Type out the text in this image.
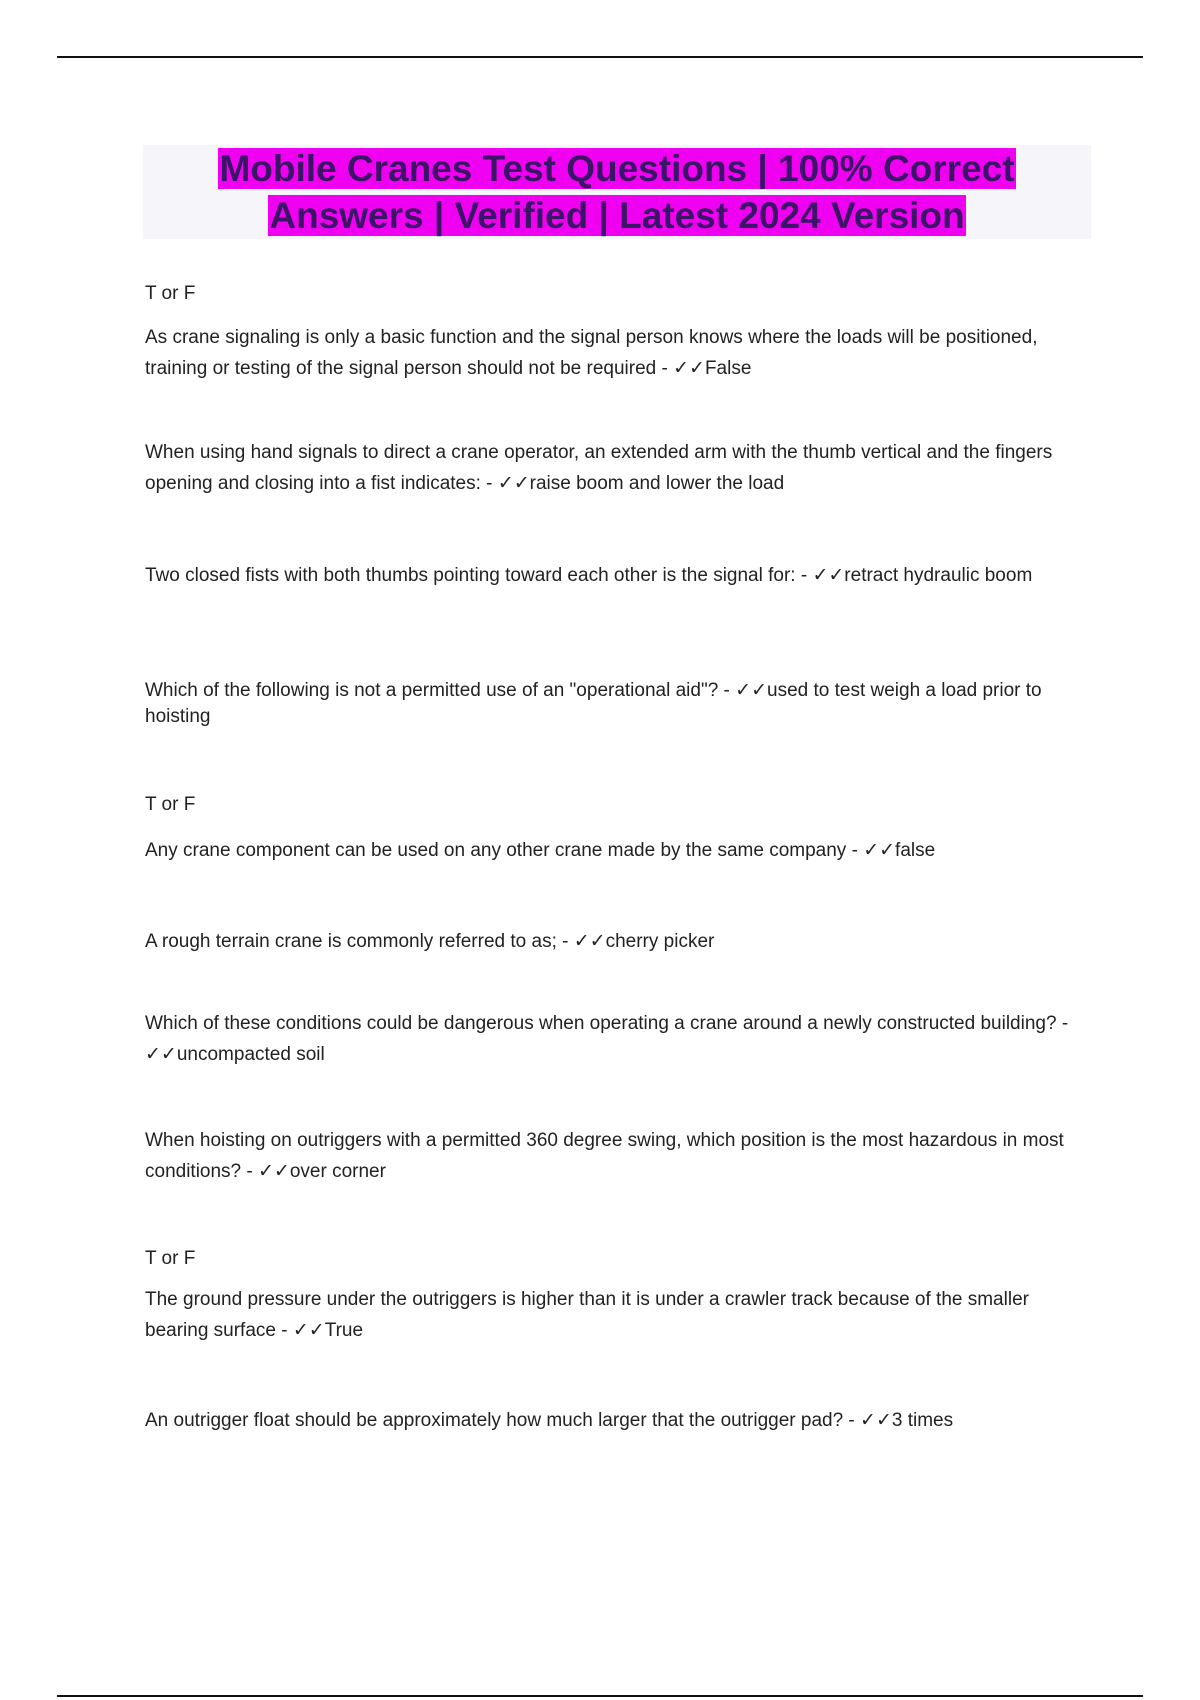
Mobile Cranes Test Questions | 100% Correct Answers | Verified | Latest 2024 Version

T or F

As crane signaling is only a basic function and the signal person knows where the loads will be positioned, training or testing of the signal person should not be required - ✓✓False

When using hand signals to direct a crane operator, an extended arm with the thumb vertical and the fingers opening and closing into a fist indicates: - ✓✓raise boom and lower the load

Two closed fists with both thumbs pointing toward each other is the signal for: - ✓✓retract hydraulic boom

Which of the following is not a permitted use of an "operational aid"? - ✓✓used to test weigh a load prior to hoisting

T or F

Any crane component can be used on any other crane made by the same company - ✓✓false

A rough terrain crane is commonly referred to as; - ✓✓cherry picker

Which of these conditions could be dangerous when operating a crane around a newly constructed building? - ✓✓uncompacted soil

When hoisting on outriggers with a permitted 360 degree swing, which position is the most hazardous in most conditions? - ✓✓over corner

T or F

The ground pressure under the outriggers is higher than it is under a crawler track because of the smaller bearing surface - ✓✓True

An outrigger float should be approximately how much larger that the outrigger pad? - ✓✓3 times
